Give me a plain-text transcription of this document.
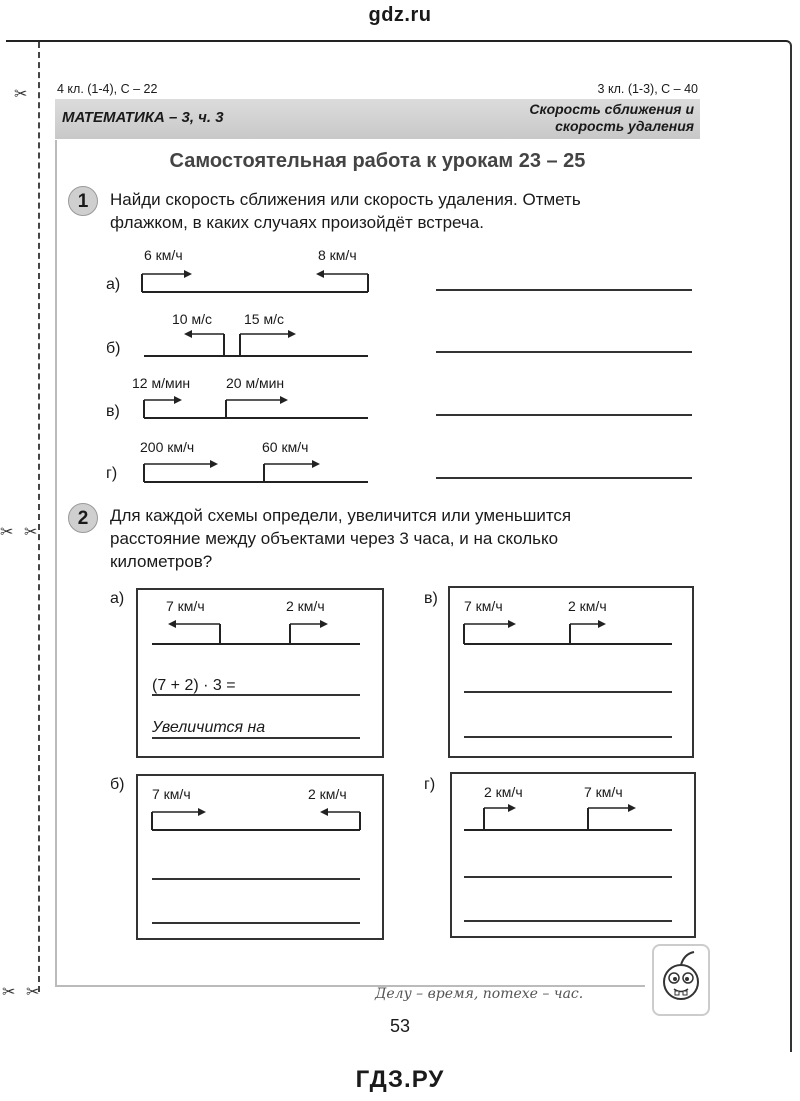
gdz.ru
✂
✂ ✂
✂ ✂
4 кл. (1-4), С – 22	3 кл. (1-3), С – 40
МАТЕМАТИКА – 3, ч. 3	Скорость сближения и
скорость удаления
Самостоятельная работа к урокам 23 – 25
1	Найди скорость сближения или скорость удаления. Отметь
флажком, в каких случаях произойдёт встреча.
а)
6 км/ч	8 км/ч
б)
10 м/с 15 м/с
в)
12 м/мин	20 м/мин
г)
200 км/ч	60 км/ч
2	Для каждой схемы определи, увеличится или уменьшится
расстояние между объектами через 3 часа, и на сколько
километров?
а)	7 км/ч	2 км/ч
(7 + 2) · 3 =
Увеличится на
в) 7 км/ч	2 км/ч
б)
7 км/ч	2 км/ч
г)	2 км/ч	7 км/ч
Делу – время, потехе – час.
53
ГДЗ.РУ
